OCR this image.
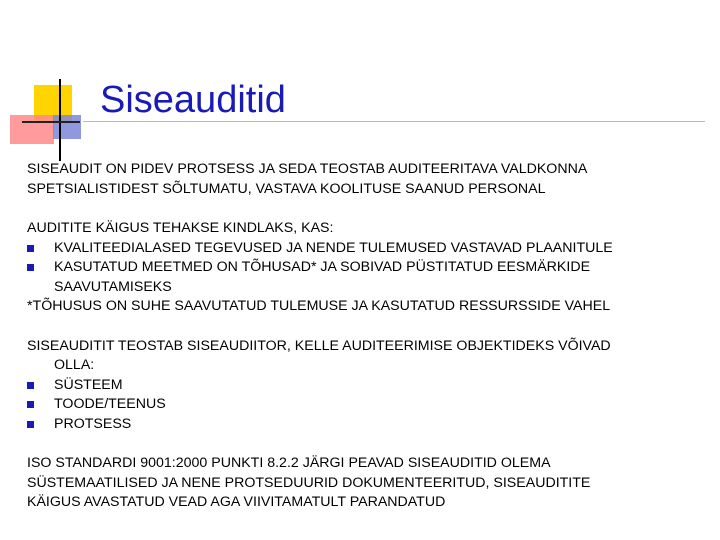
Siseauditid

SISEAUDIT ON PIDEV PROTSESS JA SEDA TEOSTAB AUDITEERITAVA VALDKONNA

SPETSIALISTIDEST SÕLTUMATU, VASTAVA KOOLITUSE SAANUD PERSONAL

AUDITITE KÄIGUS TEHAKSE KINDLAKS, KAS:

KVALITEEDIALASED TEGEVUSED JA NENDE TULEMUSED VASTAVAD PLAANITULE

KASUTATUD MEETMED ON TÕHUSAD* JA SOBIVAD PÜSTITATUD EESMÄRKIDE

SAAVUTAMISEKS

*TÕHUSUS ON SUHE SAAVUTATUD TULEMUSE JA KASUTATUD RESSURSSIDE VAHEL

SISEAUDITIT TEOSTAB SISEAUDIITOR, KELLE AUDITEERIMISE OBJEKTIDEKS VÕIVAD

OLLA:

SÜSTEEM

TOODE/TEENUS

PROTSESS

ISO STANDARDI 9001:2000 PUNKTI 8.2.2 JÄRGI PEAVAD SISEAUDITID OLEMA

SÜSTEMAATILISED JA NENE PROTSEDUURID DOKUMENTEERITUD, SISEAUDITITE

KÄIGUS AVASTATUD VEAD AGA VIIVITAMATULT PARANDATUD
